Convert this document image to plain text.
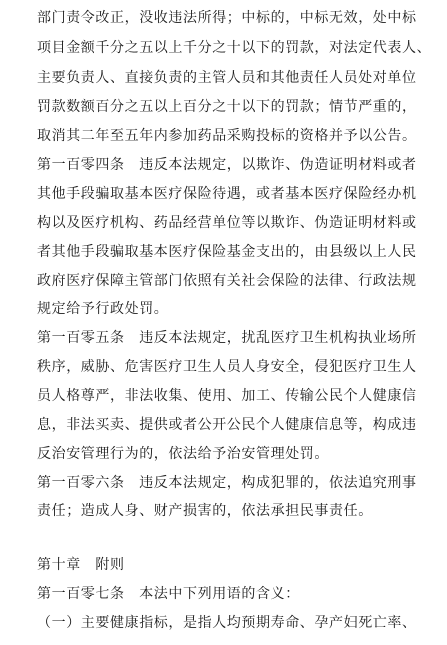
部门责令改正，没收违法所得；中标的，中标无效，处中标
项目金额千分之五以上千分之十以下的罚款，对法定代表人、
主要负责人、直接负责的主管人员和其他责任人员处对单位
罚款数额百分之五以上百分之十以下的罚款；情节严重的，
取消其二年至五年内参加药品采购投标的资格并予以公告。
第一百零四条　违反本法规定，以欺诈、伪造证明材料或者
其他手段骗取基本医疗保险待遇，或者基本医疗保险经办机
构以及医疗机构、药品经营单位等以欺诈、伪造证明材料或
者其他手段骗取基本医疗保险基金支出的，由县级以上人民
政府医疗保障主管部门依照有关社会保险的法律、行政法规
规定给予行政处罚。
第一百零五条　违反本法规定，扰乱医疗卫生机构执业场所
秩序，威胁、危害医疗卫生人员人身安全，侵犯医疗卫生人
员人格尊严，非法收集、使用、加工、传输公民个人健康信
息，非法买卖、提供或者公开公民个人健康信息等，构成违
反治安管理行为的，依法给予治安管理处罚。
第一百零六条　违反本法规定，构成犯罪的，依法追究刑事
责任；造成人身、财产损害的，依法承担民事责任。
第十章　附则
第一百零七条　本法中下列用语的含义：
（一）主要健康指标，是指人均预期寿命、孕产妇死亡率、
